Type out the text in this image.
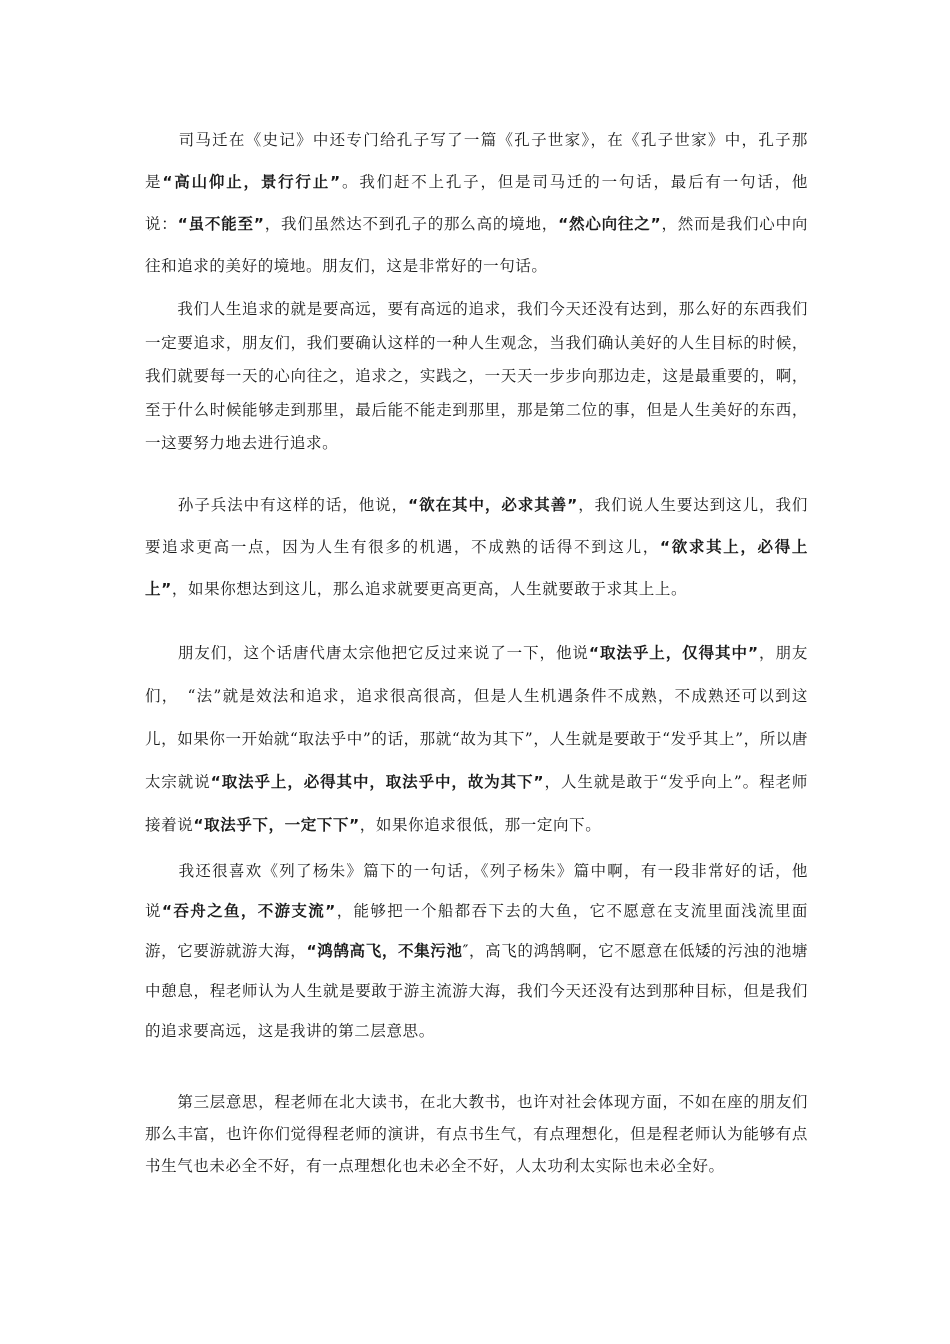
　　司马迁在《史记》中还专门给孔子写了一篇《孔子世家》，在《孔子世家》中，孔子那是“高山仰止，景行行止”。我们赶不上孔子，但是司马迁的一句话，最后有一句话，他说：“虽不能至”，我们虽然达不到孔子的那么高的境地，“然心向往之”，然而是我们心中向往和追求的美好的境地。朋友们，这是非常好的一句话。
　　我们人生追求的就是要高远，要有高远的追求，我们今天还没有达到，那么好的东西我们一定要追求，朋友们，我们要确认这样的一种人生观念，当我们确认美好的人生目标的时候，我们就要每一天的心向往之，追求之，实践之，一天天一步步向那边走，这是最重要的，啊，至于什么时候能够走到那里，最后能不能走到那里，那是第二位的事，但是人生美好的东西，一这要努力地去进行追求。
　　孙子兵法中有这样的话，他说，“欲在其中，必求其善”，我们说人生要达到这儿，我们要追求更高一点，因为人生有很多的机遇，不成熟的话得不到这儿，“欲求其上，必得上上”，如果你想达到这儿，那么追求就要更高更高，人生就要敢于求其上上。
　　朋友们，这个话唐代唐太宗他把它反过来说了一下，他说“取法乎上，仅得其中”，朋友们，　“法”就是效法和追求，追求很高很高，但是人生机遇条件不成熟，不成熟还可以到这儿，如果你一开始就“取法乎中”的话，那就“故为其下”，人生就是要敢于“发乎其上”，所以唐太宗就说“取法乎上，必得其中，取法乎中，故为其下”，人生就是敢于“发乎向上”。程老师接着说“取法乎下，一定下下”，如果你追求很低，那一定向下。
　　我还很喜欢《列了杨朱》篇下的一句话，《列子杨朱》篇中啊，有一段非常好的话，他说“吞舟之鱼，不游支流”，能够把一个船都吞下去的大鱼，它不愿意在支流里面浅流里面游，它要游就游大海，“鸿鹄高飞，不集污池″，高飞的鸿鹄啊，它不愿意在低矮的污浊的池塘中憩息，程老师认为人生就是要敢于游主流游大海，我们今天还没有达到那种目标，但是我们的追求要高远，这是我讲的第二层意思。
　　第三层意思，程老师在北大读书，在北大教书，也许对社会体现方面，不如在座的朋友们那么丰富，也许你们觉得程老师的演讲，有点书生气，有点理想化，但是程老师认为能够有点书生气也未必全不好，有一点理想化也未必全不好，人太功利太实际也未必全好。
